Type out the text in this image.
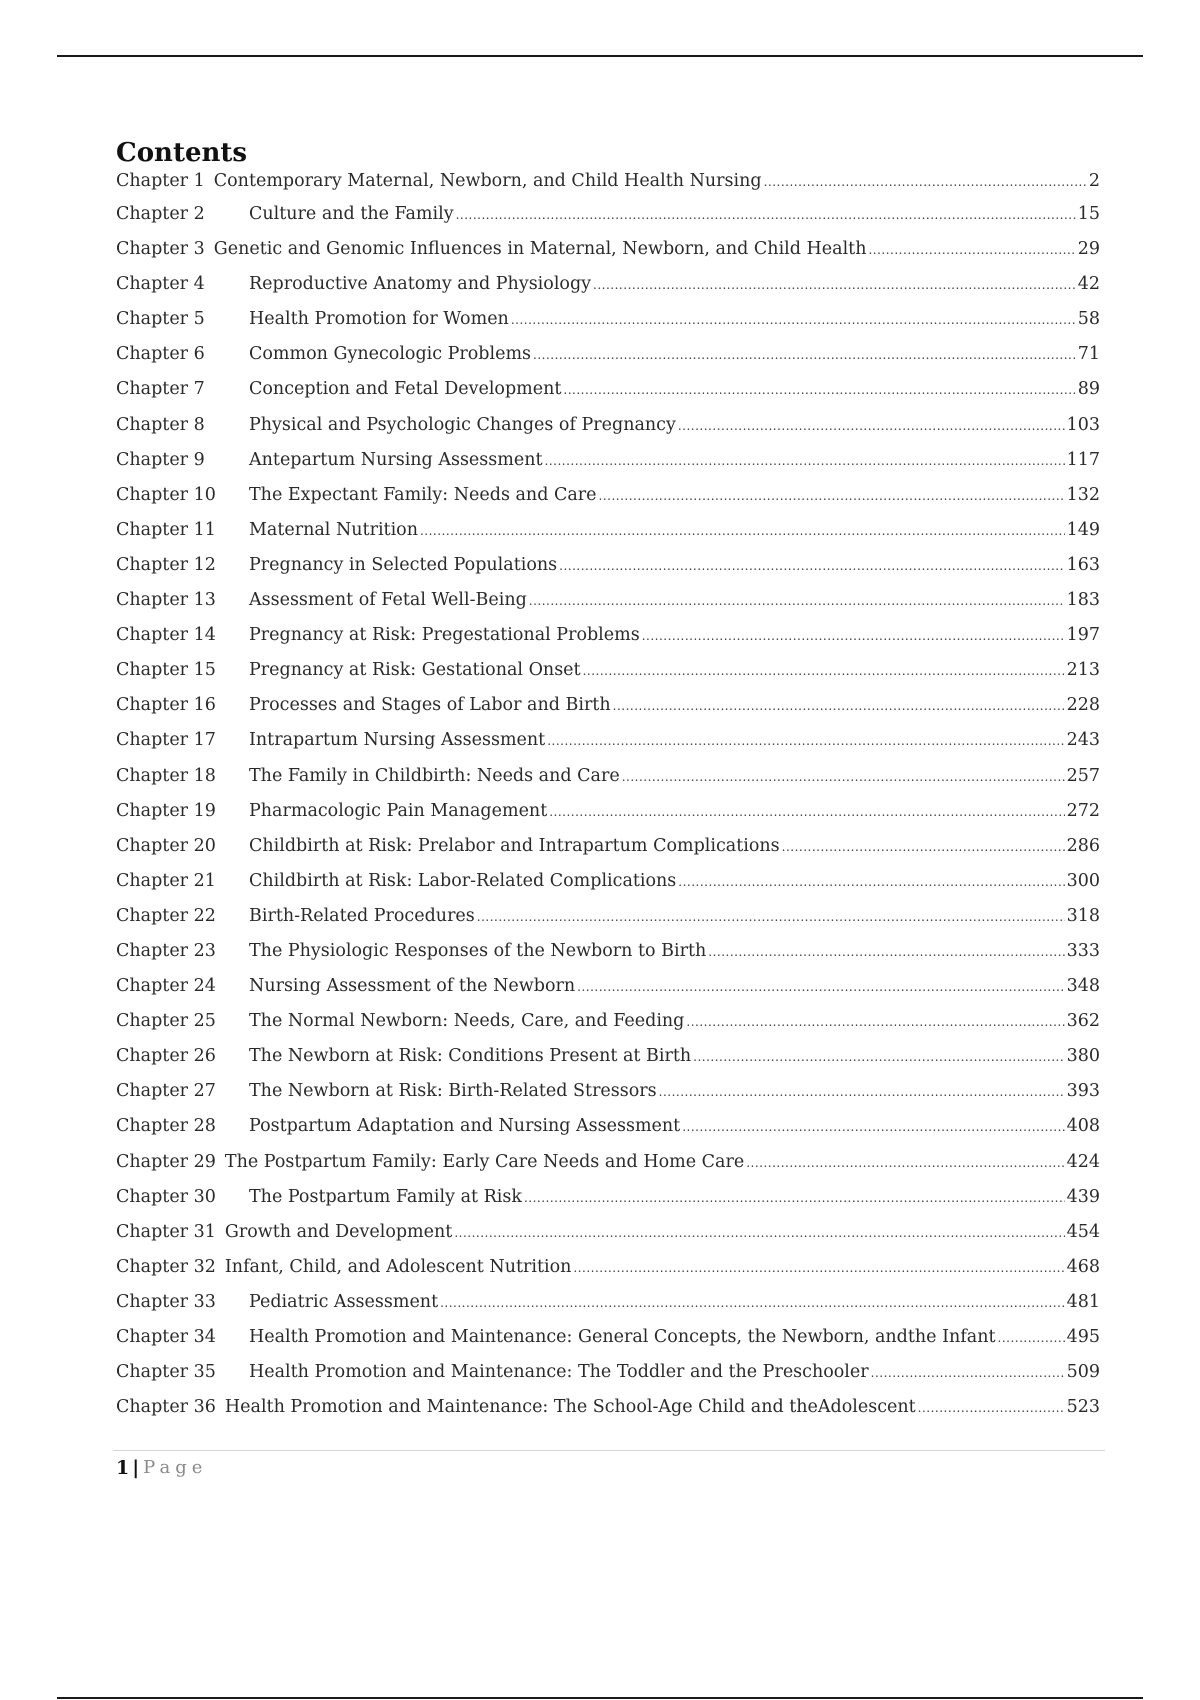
Contents
Chapter 1 Contemporary Maternal, Newborn, and Child Health Nursing .....	2
Chapter 2	Culture and the Family .....	15
Chapter 3 Genetic and Genomic Influences in Maternal, Newborn, and Child Health .....	29
Chapter 4	Reproductive Anatomy and Physiology .....	42
Chapter 5	Health Promotion for Women .....	58
Chapter 6	Common Gynecologic Problems .....	71
Chapter 7	Conception and Fetal Development .....	89
Chapter 8	Physical and Psychologic Changes of Pregnancy .....	103
Chapter 9	Antepartum Nursing Assessment .....	117
Chapter 10	The Expectant Family: Needs and Care .....	132
Chapter 11	Maternal Nutrition .....	149
Chapter 12	Pregnancy in Selected Populations .....	163
Chapter 13	Assessment of Fetal Well-Being .....	183
Chapter 14	Pregnancy at Risk: Pregestational Problems .....	197
Chapter 15	Pregnancy at Risk: Gestational Onset .....	213
Chapter 16	Processes and Stages of Labor and Birth .....	228
Chapter 17	Intrapartum Nursing Assessment .....	243
Chapter 18	The Family in Childbirth: Needs and Care .....	257
Chapter 19	Pharmacologic Pain Management .....	272
Chapter 20	Childbirth at Risk: Prelabor and Intrapartum Complications .....	286
Chapter 21	Childbirth at Risk: Labor-Related Complications .....	300
Chapter 22	Birth-Related Procedures .....	318
Chapter 23	The Physiologic Responses of the Newborn to Birth .....	333
Chapter 24	Nursing Assessment of the Newborn .....	348
Chapter 25	The Normal Newborn: Needs, Care, and Feeding .....	362
Chapter 26	The Newborn at Risk: Conditions Present at Birth .....	380
Chapter 27	The Newborn at Risk: Birth-Related Stressors .....	393
Chapter 28	Postpartum Adaptation and Nursing Assessment .....	408
Chapter 29 The Postpartum Family: Early Care Needs and Home Care .....	424
Chapter 30	The Postpartum Family at Risk .....	439
Chapter 31 Growth and Development .....	454
Chapter 32 Infant, Child, and Adolescent Nutrition .....	468
Chapter 33	Pediatric Assessment .....	481
Chapter 34	Health Promotion and Maintenance: General Concepts, the Newborn, andthe Infant .....	495
Chapter 35	Health Promotion and Maintenance: The Toddler and the Preschooler .....	509
Chapter 36 Health Promotion and Maintenance: The School-Age Child and theAdolescent .....	523
1 | Page
